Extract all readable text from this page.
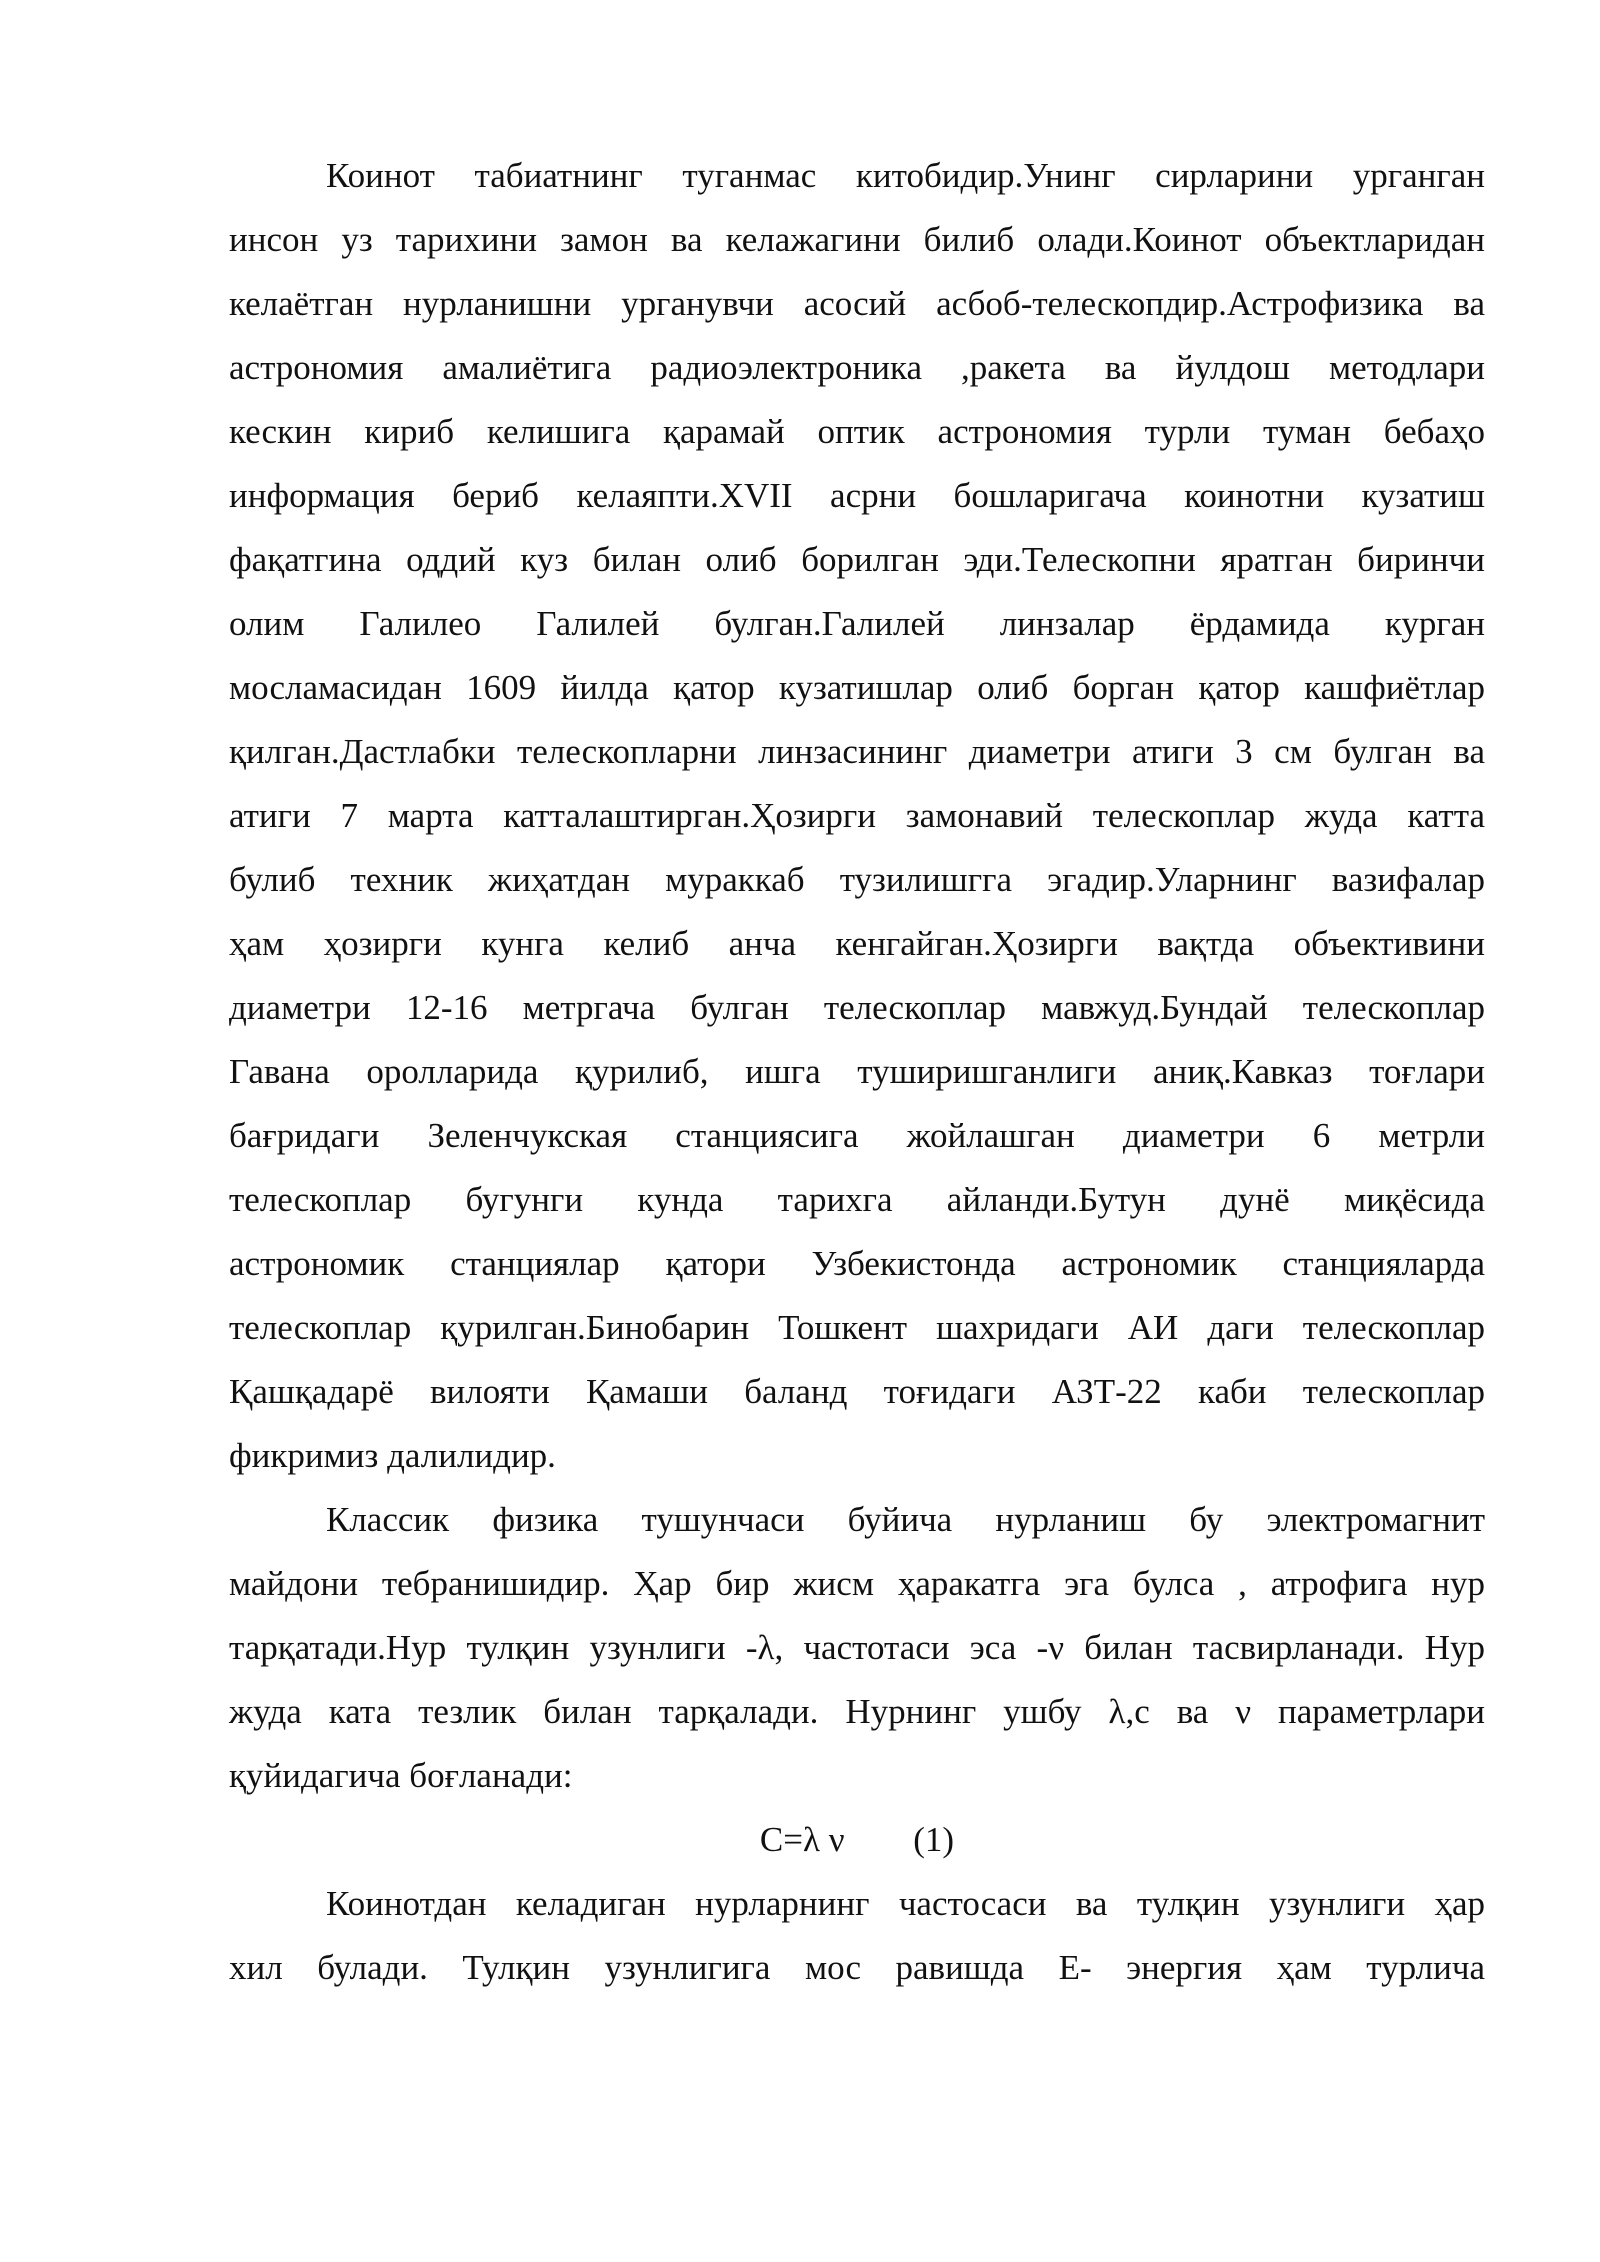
Коинот табиатнинг туганмас китобидир.Унинг сирларини урганган
инсон уз тарихини замон ва келажагини билиб олади.Коинот объектларидан
келаётган нурланишни урганувчи асосий асбоб-телескопдир.Астрофизика ва
астрономия амалиётига радиоэлектроника ,ракета ва йулдош методлари
кескин кириб келишига қарамай оптик астрономия турли туман бебаҳо
информация бериб келаяпти.XVII асрни бошларигача коинотни кузатиш
фақатгина оддий куз билан олиб борилган эди.Телескопни яратган биринчи
олим Галилео Галилей булган.Галилей линзалар ёрдамида курган
мосламасидан 1609 йилда қатор кузатишлар олиб борган қатор кашфиётлар
қилган.Дастлабки телескопларни линзасининг диаметри атиги 3 см булган ва
атиги 7 марта катталаштирган.Ҳозирги замонавий телескоплар жуда катта
булиб техник жиҳатдан мураккаб тузилишгга эгадир.Уларнинг вазифалар
ҳам ҳозирги кунга келиб анча кенгайган.Ҳозирги вақтда объективини
диаметри 12-16 метргача булган телескоплар мавжуд.Бундай телескоплар
Гавана оролларида қурилиб, ишга туширишганлиги аниқ.Кавказ тоғлари
бағридаги Зеленчукская станциясига жойлашган диаметри 6 метрли
телескоплар бугунги кунда тарихга айланди.Бутун дунё миқёсида
астрономик станциялар қатори Узбекистонда астрономик станцияларда
телескоплар қурилган.Бинобарин Тошкент шахридаги АИ даги телескоплар
Қашқадарё вилояти Қамаши баланд тоғидаги АЗТ-22 каби телескоплар
фикримиз далилидир.
Классик физика тушунчаси буйича нурланиш бу электромагнит
майдони тебранишидир. Ҳар бир жисм ҳаракатга эга булса , атрофига нур
тарқатади.Нур тулқин узунлиги -λ, частотаси эса -ν билан тасвирланади. Нур
жуда ката тезлик билан тарқалади. Нурнинг ушбу λ,с ва ν параметрлари
қуйидагича боғланади:
C=λ ν (1)
Коинотдан келадиган нурларнинг частосаси ва тулқин узунлиги ҳар
хил булади. Тулқин узунлигига мос равишда Е- энергия ҳам турлича
